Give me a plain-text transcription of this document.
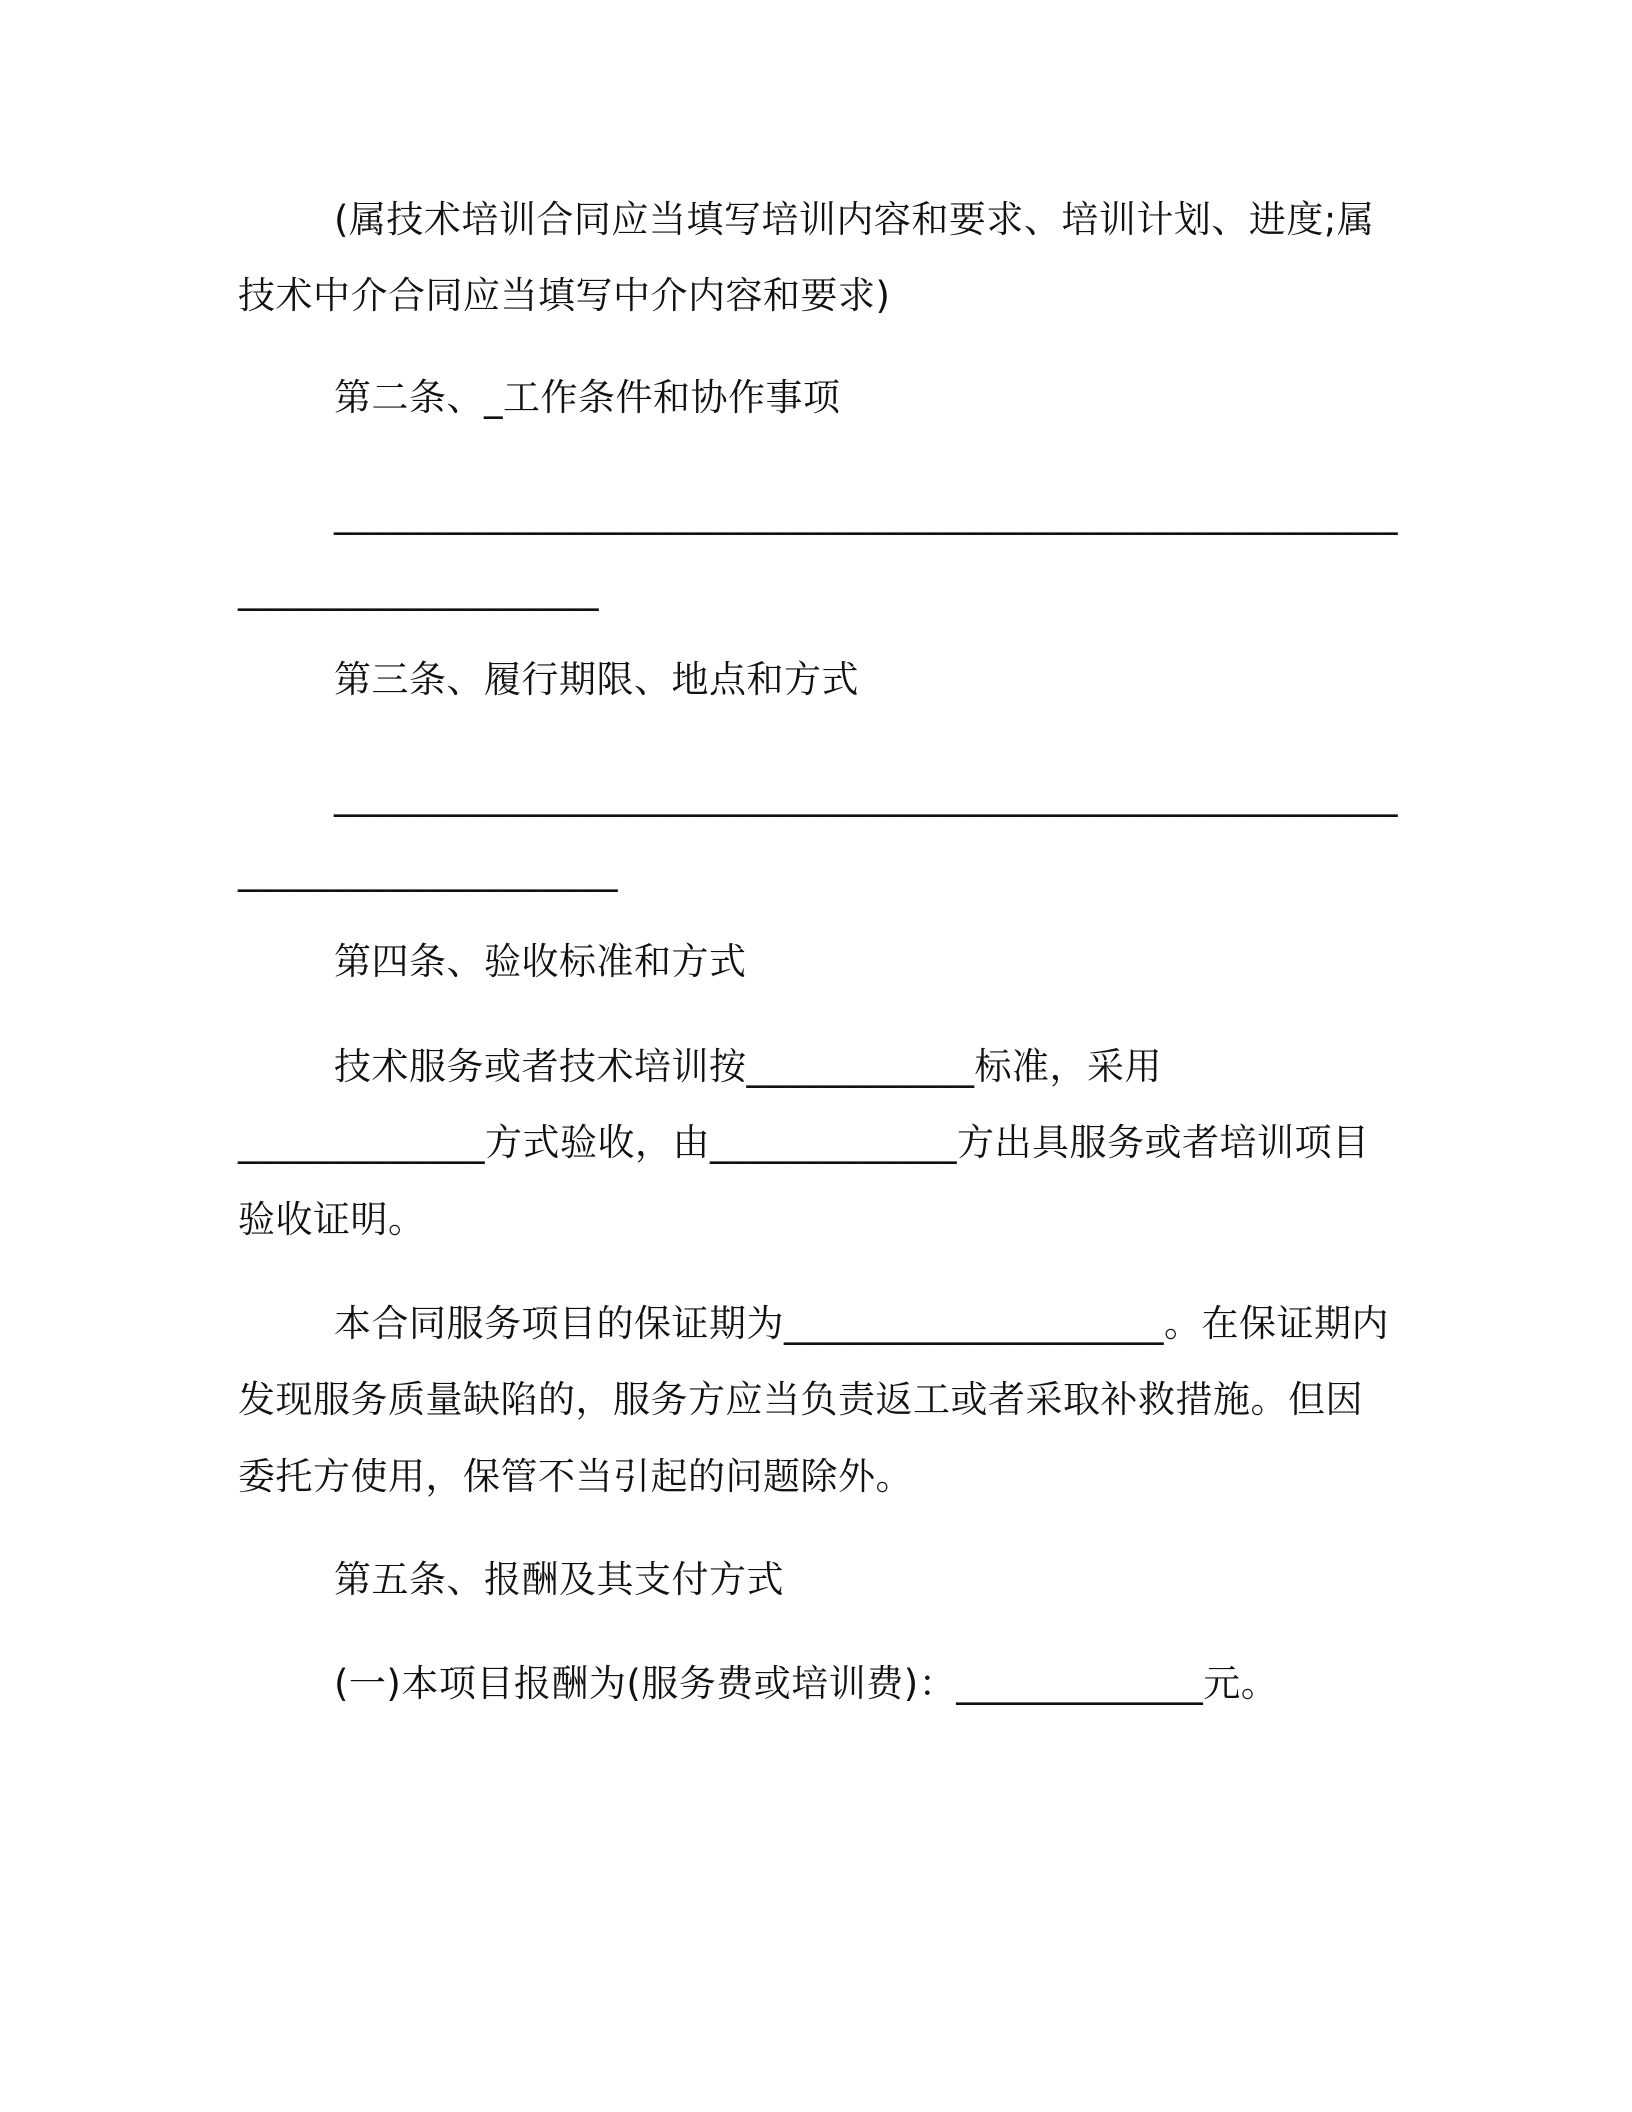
(属技术培训合同应当填写培训内容和要求、培训计划、进度;属
技术中介合同应当填写中介内容和要求)
第二条、_工作条件和协作事项
________________________________________________________
___________________
第三条、履行期限、地点和方式
________________________________________________________
____________________
第四条、验收标准和方式
技术服务或者技术培训按____________标准，采用
_____________方式验收，由_____________方出具服务或者培训项目
验收证明。
本合同服务项目的保证期为____________________。在保证期内
发现服务质量缺陷的，服务方应当负责返工或者采取补救措施。但因
委托方使用，保管不当引起的问题除外。
第五条、报酬及其支付方式
(一)本项目报酬为(服务费或培训费)：_____________元。
